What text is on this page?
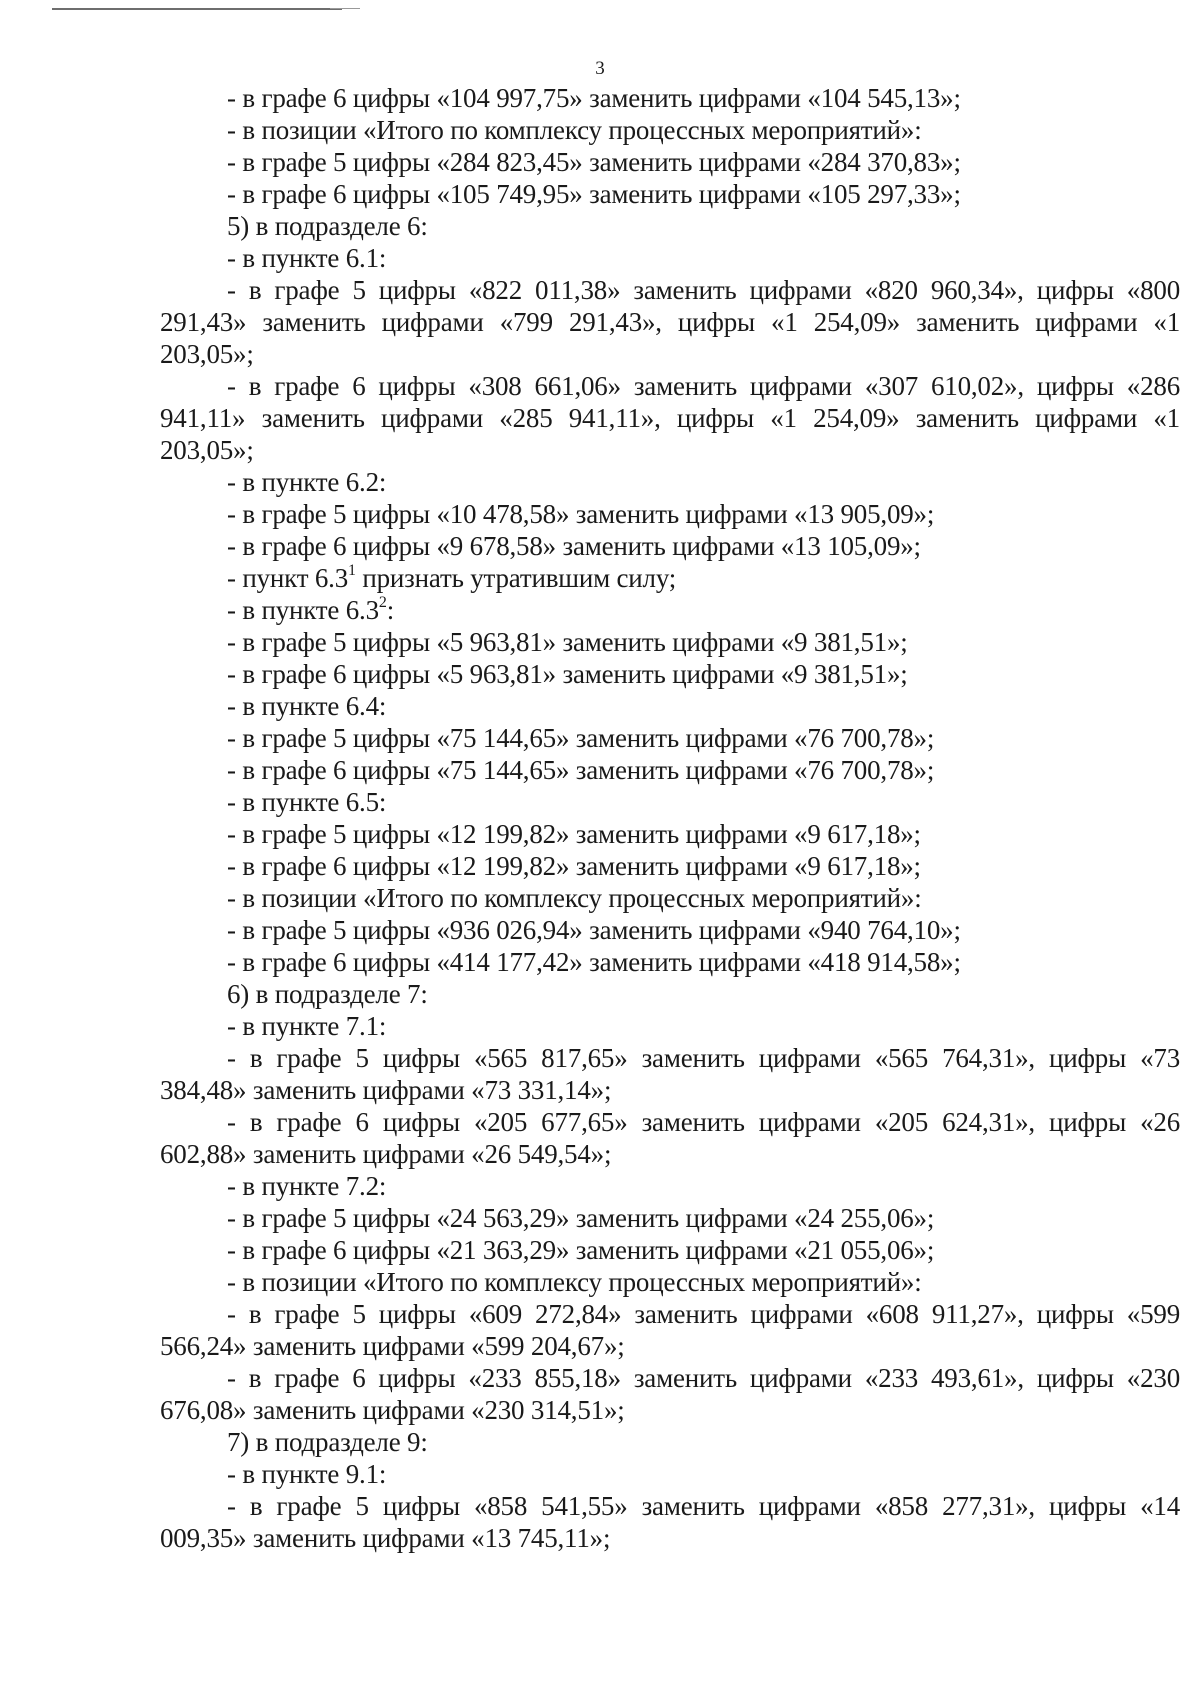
3

- в графе 6 цифры «104 997,75» заменить цифрами «104 545,13»;

- в позиции «Итого по комплексу процессных мероприятий»:

- в графе 5 цифры «284 823,45» заменить цифрами «284 370,83»;

- в графе 6 цифры «105 749,95» заменить цифрами «105 297,33»;

5) в подразделе 6:

- в пункте 6.1:

- в графе 5 цифры «822 011,38» заменить цифрами «820 960,34», цифры «800 291,43» заменить цифрами «799 291,43», цифры «1 254,09» заменить цифрами «1 203,05»;

- в графе 6 цифры «308 661,06» заменить цифрами «307 610,02», цифры «286 941,11» заменить цифрами «285 941,11», цифры «1 254,09» заменить цифрами «1 203,05»;

- в пункте 6.2:

- в графе 5 цифры «10 478,58» заменить цифрами «13 905,09»;

- в графе 6 цифры «9 678,58» заменить цифрами «13 105,09»;

- пункт $6.3^1$ признать утратившим силу;

- в пункте $6.3^2$:

- в графе 5 цифры «5 963,81» заменить цифрами «9 381,51»;

- в графе 6 цифры «5 963,81» заменить цифрами «9 381,51»;

- в пункте 6.4:

- в графе 5 цифры «75 144,65» заменить цифрами «76 700,78»;

- в графе 6 цифры «75 144,65» заменить цифрами «76 700,78»;

- в пункте 6.5:

- в графе 5 цифры «12 199,82» заменить цифрами «9 617,18»;

- в графе 6 цифры «12 199,82» заменить цифрами «9 617,18»;

- в позиции «Итого по комплексу процессных мероприятий»:

- в графе 5 цифры «936 026,94» заменить цифрами «940 764,10»;

- в графе 6 цифры «414 177,42» заменить цифрами «418 914,58»;

6) в подразделе 7:

- в пункте 7.1:

- в графе 5 цифры «565 817,65» заменить цифрами «565 764,31», цифры «73 384,48» заменить цифрами «73 331,14»;

- в графе 6 цифры «205 677,65» заменить цифрами «205 624,31», цифры «26 602,88» заменить цифрами «26 549,54»;

- в пункте 7.2:

- в графе 5 цифры «24 563,29» заменить цифрами «24 255,06»;

- в графе 6 цифры «21 363,29» заменить цифрами «21 055,06»;

- в позиции «Итого по комплексу процессных мероприятий»:

- в графе 5 цифры «609 272,84» заменить цифрами «608 911,27», цифры «599 566,24» заменить цифрами «599 204,67»;

- в графе 6 цифры «233 855,18» заменить цифрами «233 493,61», цифры «230 676,08» заменить цифрами «230 314,51»;

7) в подразделе 9:

- в пункте 9.1:

- в графе 5 цифры «858 541,55» заменить цифрами «858 277,31», цифры «14 009,35» заменить цифрами «13 745,11»;
